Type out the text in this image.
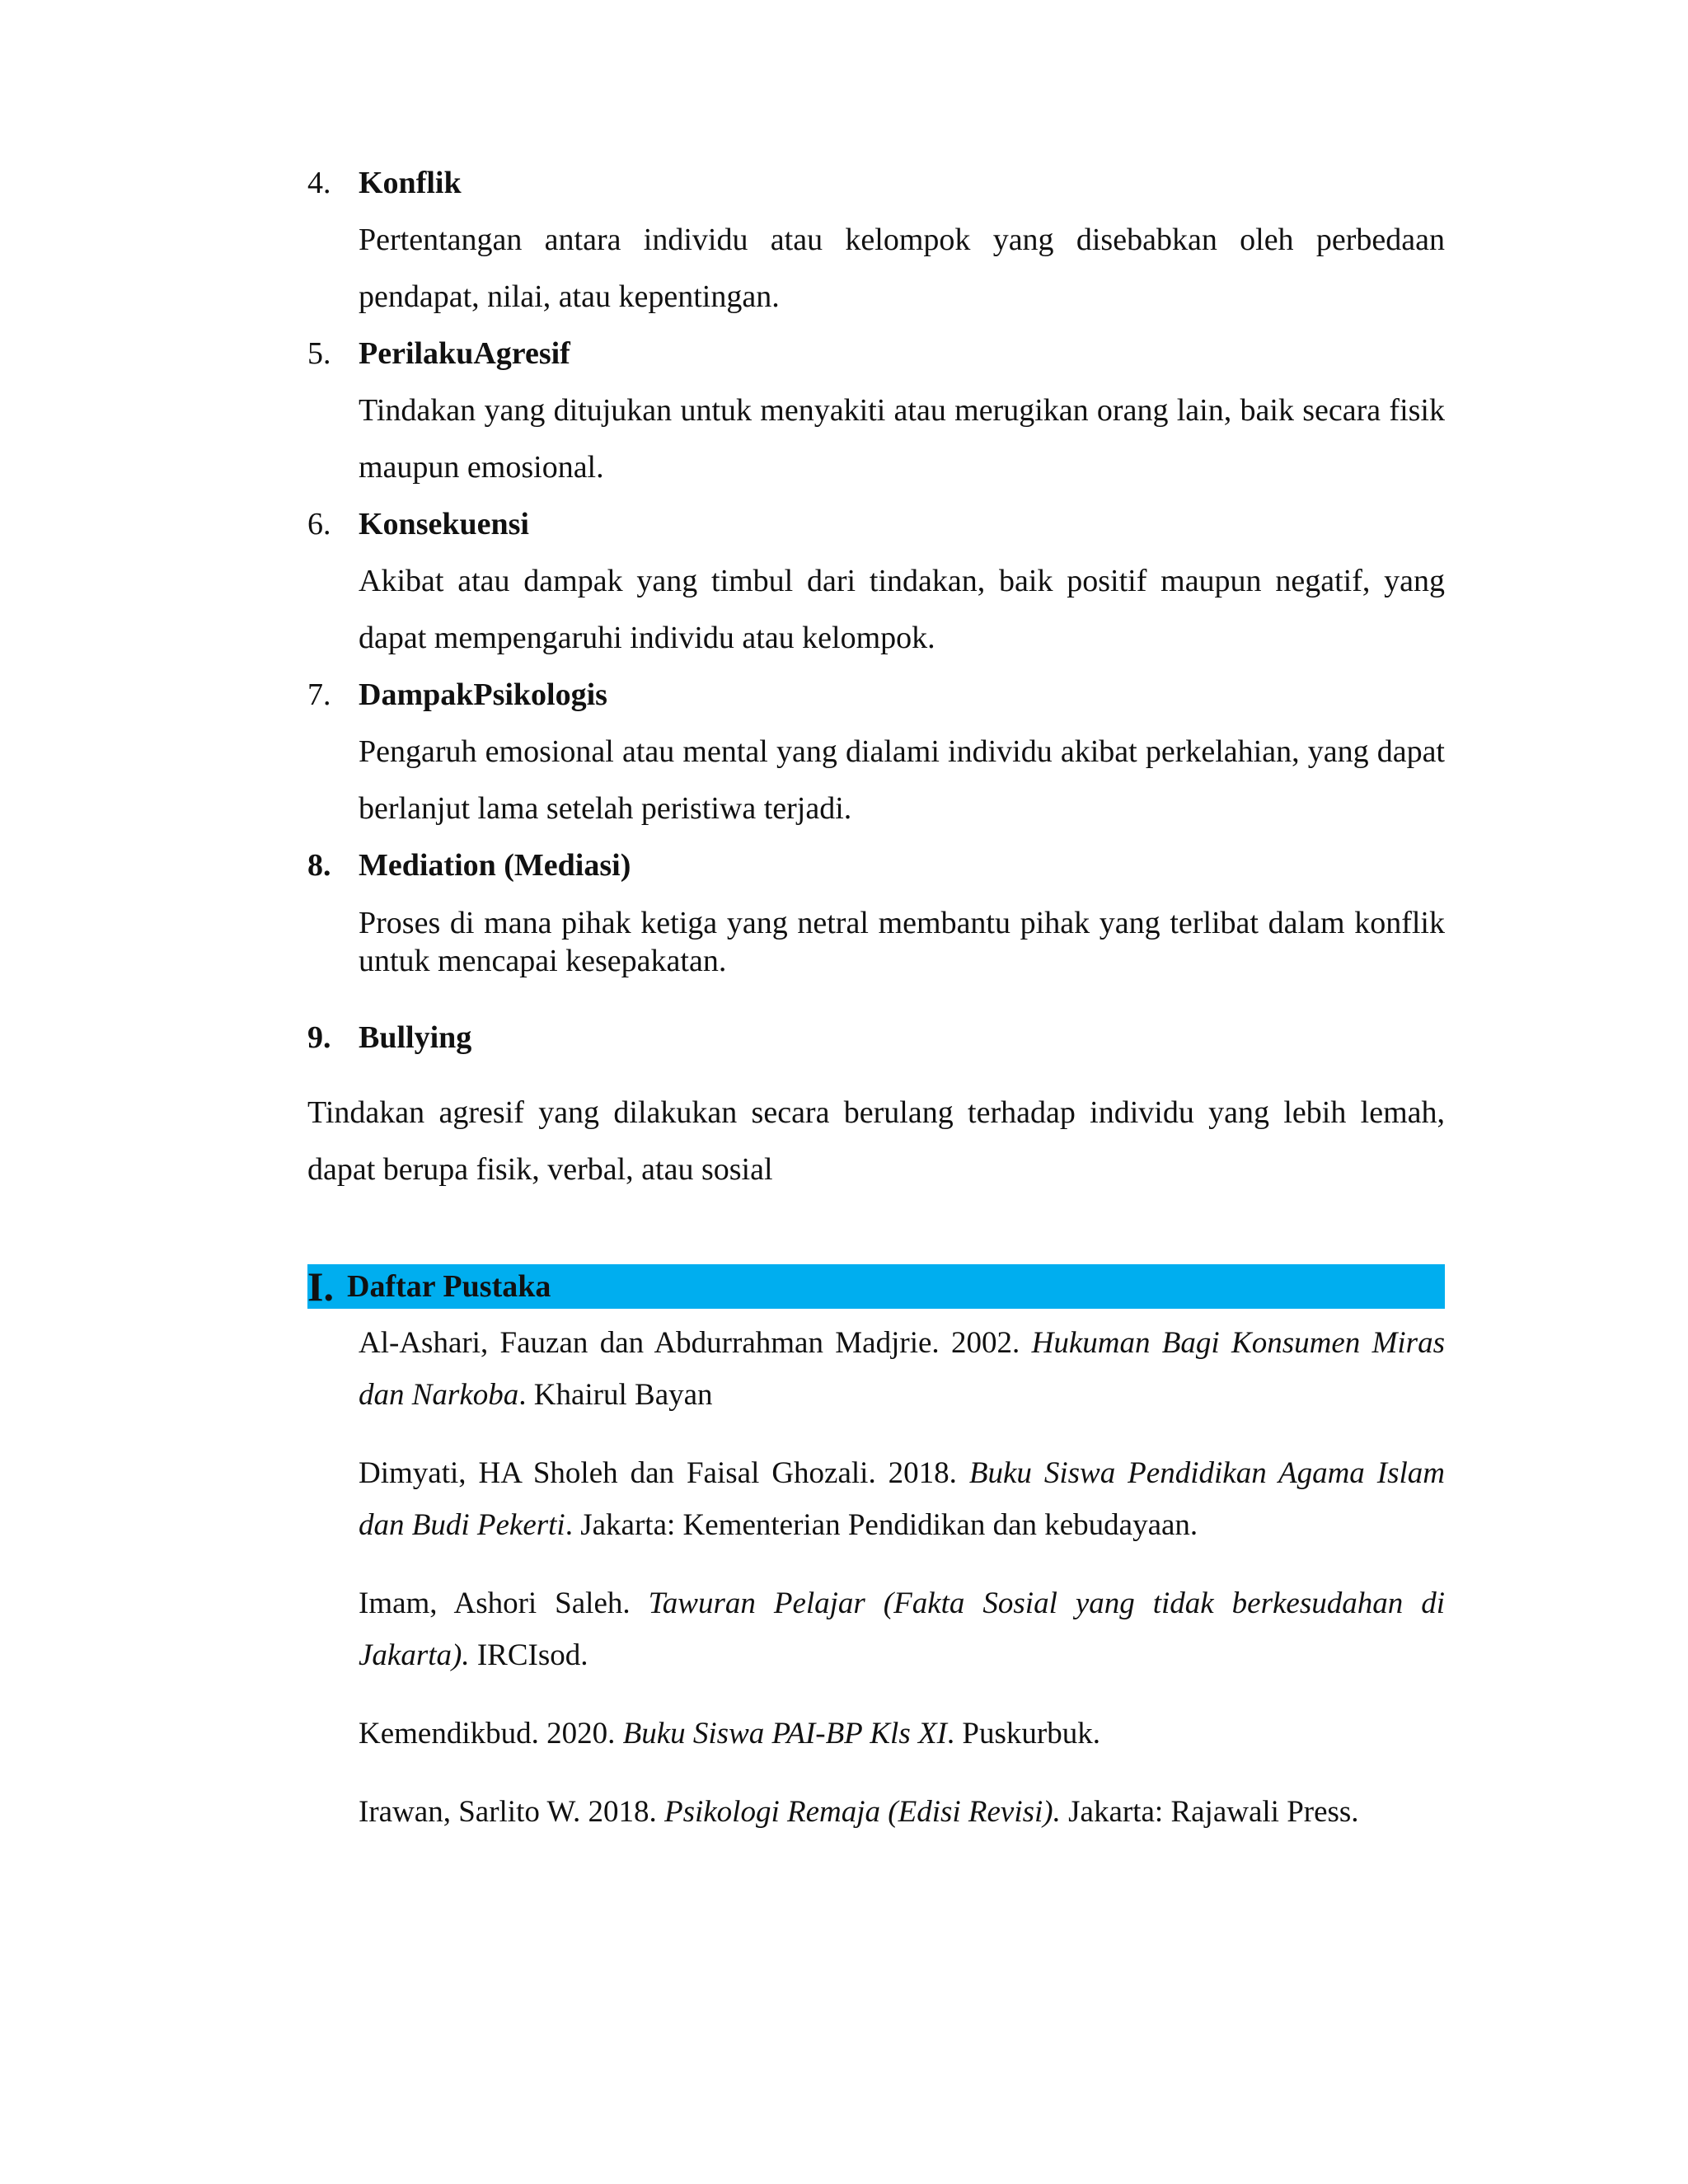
4. Konflik
Pertentangan antara individu atau kelompok yang disebabkan oleh perbedaan pendapat, nilai, atau kepentingan.
5. PerilakuAgresif
Tindakan yang ditujukan untuk menyakiti atau merugikan orang lain, baik secara fisik maupun emosional.
6. Konsekuensi
Akibat atau dampak yang timbul dari tindakan, baik positif maupun negatif, yang dapat mempengaruhi individu atau kelompok.
7. DampakPsikologis
Pengaruh emosional atau mental yang dialami individu akibat perkelahian, yang dapat berlanjut lama setelah peristiwa terjadi.
8. Mediation (Mediasi)
Proses di mana pihak ketiga yang netral membantu pihak yang terlibat dalam konflik untuk mencapai kesepakatan.
9. Bullying
Tindakan agresif yang dilakukan secara berulang terhadap individu yang lebih lemah, dapat berupa fisik, verbal, atau sosial
I. Daftar Pustaka
Al-Ashari, Fauzan dan Abdurrahman Madjrie. 2002. Hukuman Bagi Konsumen Miras dan Narkoba. Khairul Bayan
Dimyati, HA Sholeh dan Faisal Ghozali. 2018. Buku Siswa Pendidikan Agama Islam dan Budi Pekerti. Jakarta: Kementerian Pendidikan dan kebudayaan.
Imam, Ashori Saleh. Tawuran Pelajar (Fakta Sosial yang tidak berkesudahan di Jakarta). IRCIsod.
Kemendikbud. 2020. Buku Siswa PAI-BP Kls XI. Puskurbuk.
Irawan, Sarlito W. 2018. Psikologi Remaja (Edisi Revisi). Jakarta: Rajawali Press.
